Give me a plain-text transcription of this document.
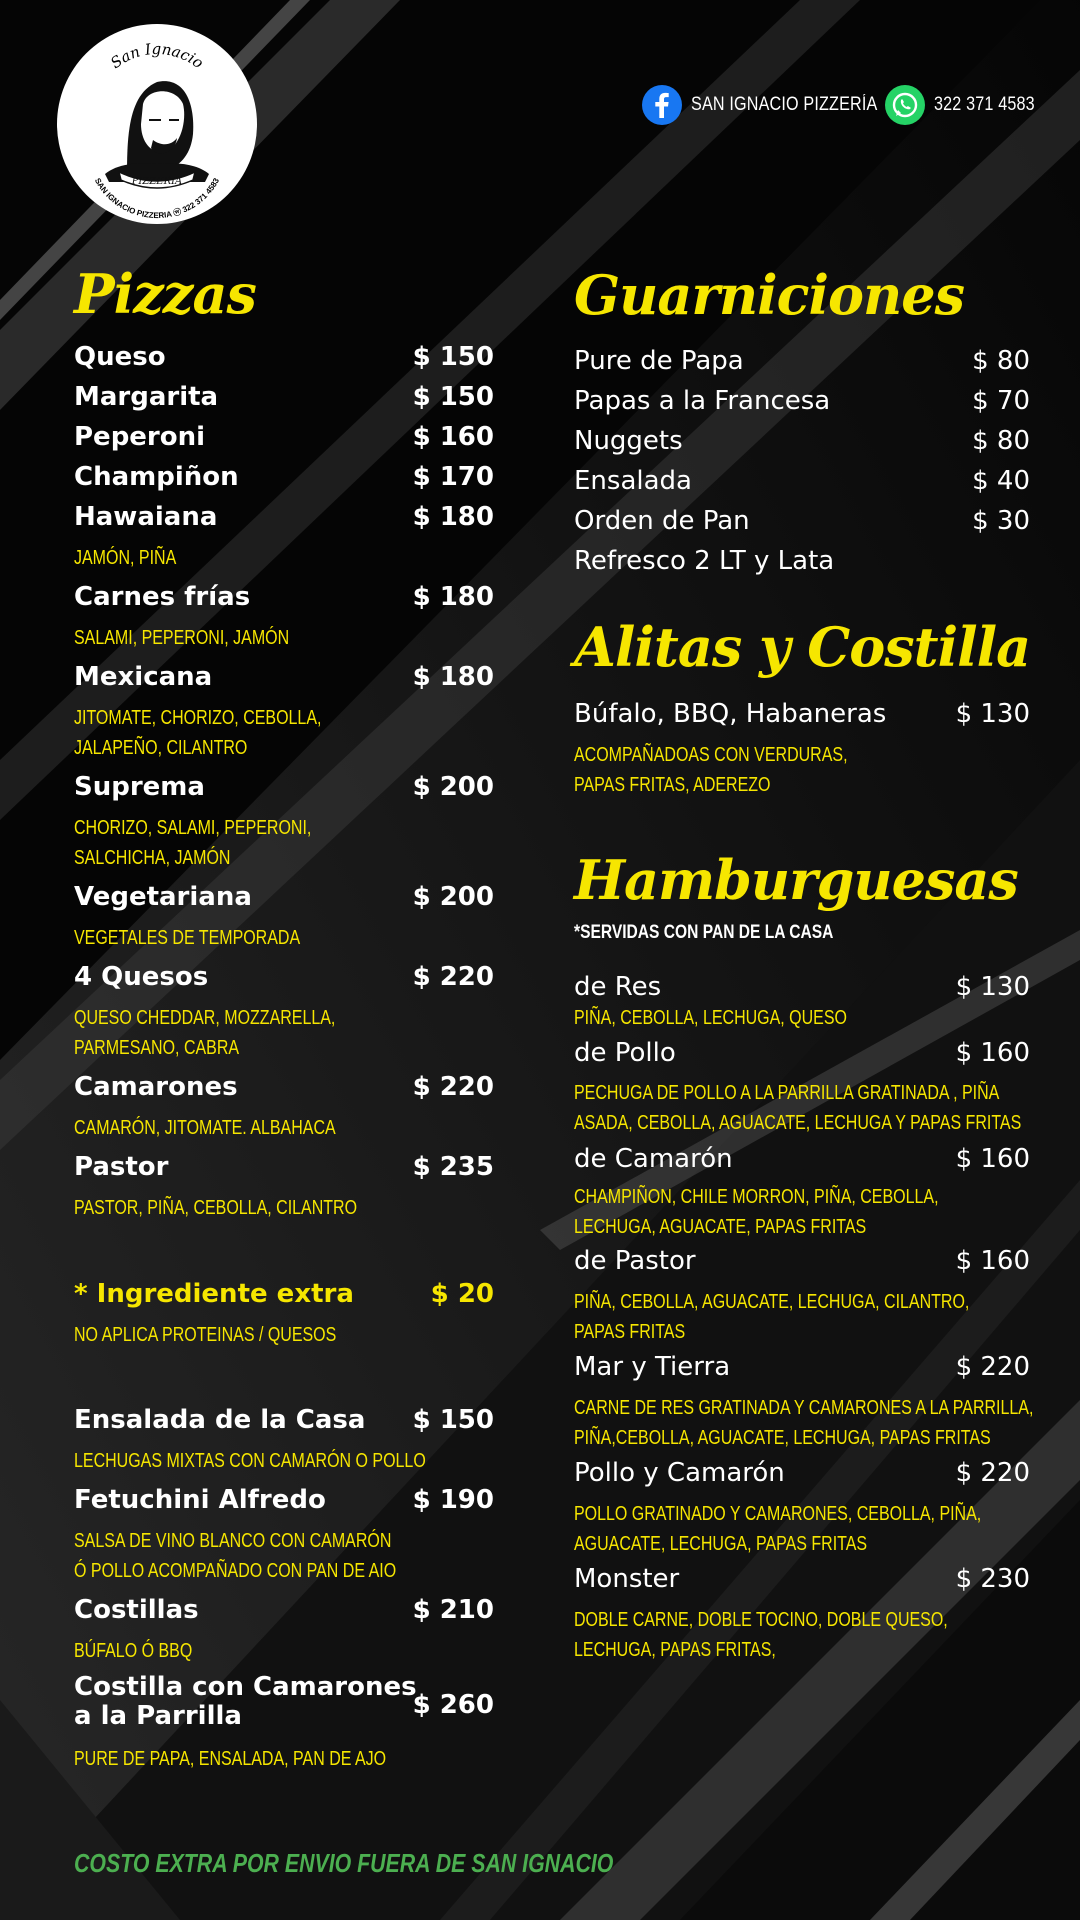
San Ignacio
PIZZERIA
SAN IGNACIO PIZZERIA ⓦ 322 371 4583
SAN IGNACIO PIZZERÍA	322 371 4583
Pizzas
Queso	$ 150
Margarita	$ 150
Peperoni	$ 160
Champiñon	$ 170
Hawaiana	$ 180
JAMÓN, PIÑA
Carnes frías	$ 180
SALAMI, PEPERONI, JAMÓN
Mexicana	$ 180
JITOMATE, CHORIZO, CEBOLLA,
JALAPEÑO, CILANTRO
Suprema	$ 200
CHORIZO, SALAMI, PEPERONI,
SALCHICHA, JAMÓN
Vegetariana	$ 200
VEGETALES DE TEMPORADA
4 Quesos	$ 220
QUESO CHEDDAR, MOZZARELLA,
PARMESANO, CABRA
Camarones	$ 220
CAMARÓN, JITOMATE. ALBAHACA
Pastor	$ 235
PASTOR, PIÑA, CEBOLLA, CILANTRO
* Ingrediente extra	$ 20
NO APLICA PROTEINAS / QUESOS
Ensalada de la Casa $ 150
LECHUGAS MIXTAS CON CAMARÓN O POLLO
Fetuchini Alfredo	$ 190
SALSA DE VINO BLANCO CON CAMARÓN
Ó POLLO ACOMPAÑADO CON PAN DE AIO
Costillas	$ 210
BÚFALO Ó BBQ
Costilla con Camarones
a la Parrilla	$ 260
PURE DE PAPA, ENSALADA, PAN DE AJO
Guarniciones
Pure de Papa	$ 80
Papas a la Francesa	$ 70
Nuggets	$ 80
Ensalada	$ 40
Orden de Pan	$ 30
Refresco 2 LT y Lata
Alitas y Costilla
Búfalo, BBQ, Habaneras	$ 130
ACOMPAÑADOAS CON VERDURAS,
PAPAS FRITAS, ADEREZO
Hamburguesas
*SERVIDAS CON PAN DE LA CASA
de Res	$ 130
PIÑA, CEBOLLA, LECHUGA, QUESO
de Pollo	$ 160
PECHUGA DE POLLO A LA PARRILLA GRATINADA , PIÑA
ASADA, CEBOLLA, AGUACATE, LECHUGA Y PAPAS FRITAS
de Camarón	$ 160
CHAMPIÑON, CHILE MORRON, PIÑA, CEBOLLA,
LECHUGA, AGUACATE, PAPAS FRITAS
de Pastor	$ 160
PIÑA, CEBOLLA, AGUACATE, LECHUGA, CILANTRO,
PAPAS FRITAS
Mar y Tierra	$ 220
CARNE DE RES GRATINADA Y CAMARONES A LA PARRILLA,
PIÑA,CEBOLLA, AGUACATE, LECHUGA, PAPAS FRITAS
Pollo y Camarón	$ 220
POLLO GRATINADO Y CAMARONES, CEBOLLA, PIÑA,
AGUACATE, LECHUGA, PAPAS FRITAS
Monster	$ 230
DOBLE CARNE, DOBLE TOCINO, DOBLE QUESO,
LECHUGA, PAPAS FRITAS,
COSTO EXTRA POR ENVIO FUERA DE SAN IGNACIO
